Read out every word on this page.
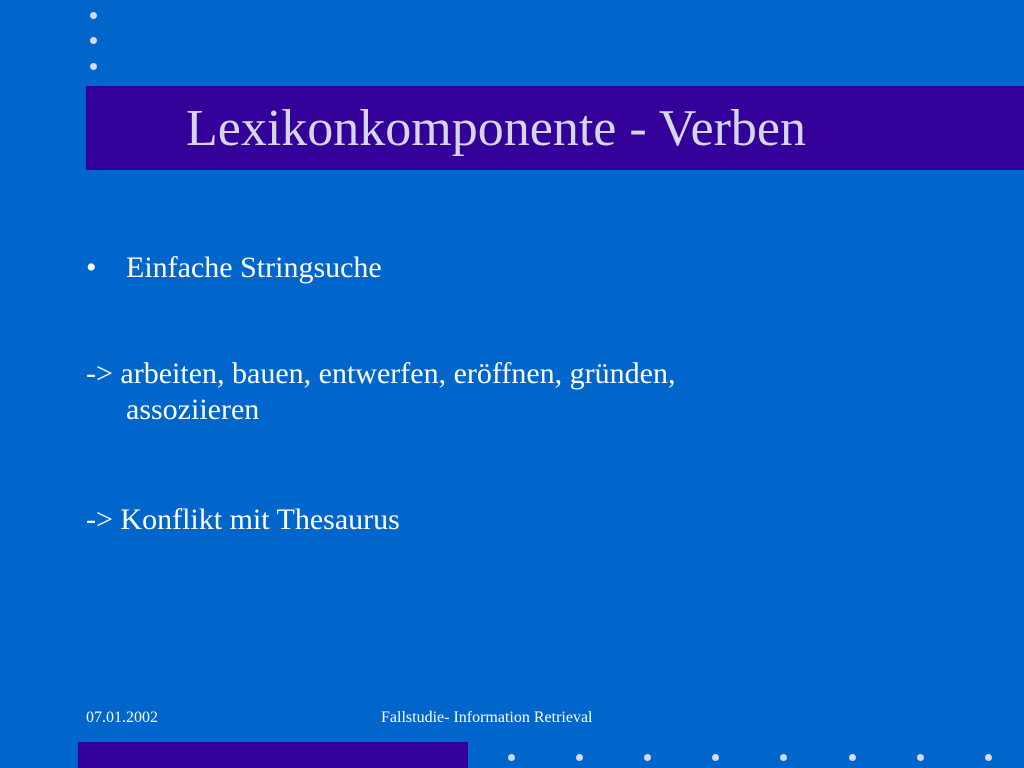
Lexikonkomponente - Verben
• Einfache Stringsuche
-> arbeiten, bauen, entwerfen, eröffnen, gründen,
assoziieren
-> Konflikt mit Thesaurus
07.01.2002	Fallstudie- Information Retrieval
